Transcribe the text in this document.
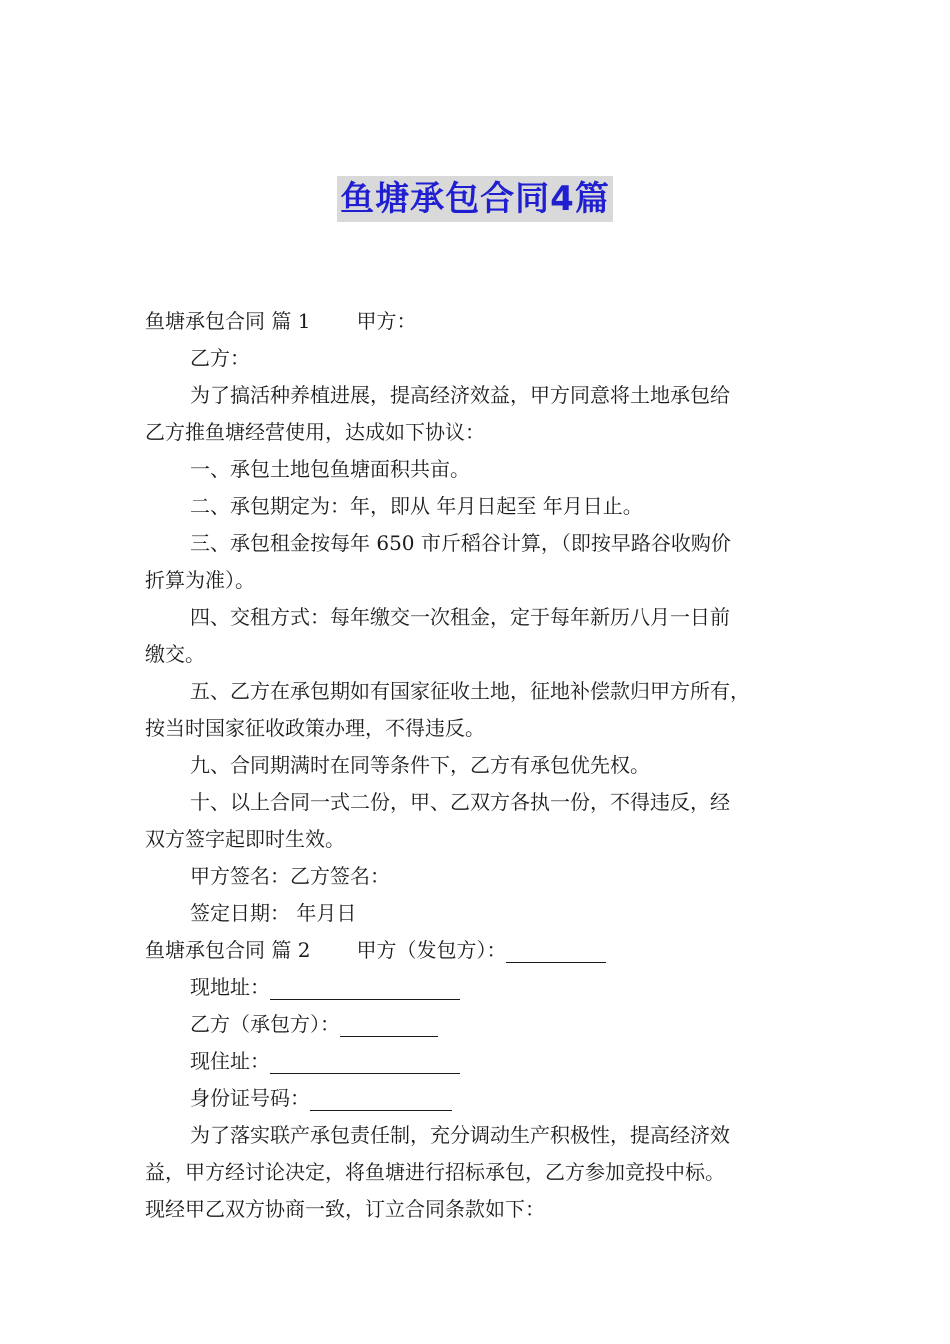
鱼塘承包合同4篇
鱼塘承包合同 篇 1 甲方：
乙方：
为了搞活种养植进展，提高经济效益，甲方同意将土地承包给
乙方推鱼塘经营使用，达成如下协议：
一、承包土地包鱼塘面积共亩。
二、承包期定为：年，即从 年月日起至 年月日止。
三、承包租金按每年 650 市斤稻谷计算，（即按早路谷收购价
折算为准）。
四、交租方式：每年缴交一次租金，定于每年新历八月一日前
缴交。
五、乙方在承包期如有国家征收土地，征地补偿款归甲方所有，
按当时国家征收政策办理，不得违反。
九、合同期满时在同等条件下，乙方有承包优先权。
十、以上合同一式二份，甲、乙双方各执一份，不得违反，经
双方签字起即时生效。
甲方签名：乙方签名：
签定日期： 年月日
鱼塘承包合同 篇 2 甲方（发包方）：
现地址：
乙方（承包方）：
现住址：
身份证号码：
为了落实联产承包责任制，充分调动生产积极性，提高经济效
益，甲方经讨论决定，将鱼塘进行招标承包，乙方参加竞投中标。
现经甲乙双方协商一致，订立合同条款如下：
